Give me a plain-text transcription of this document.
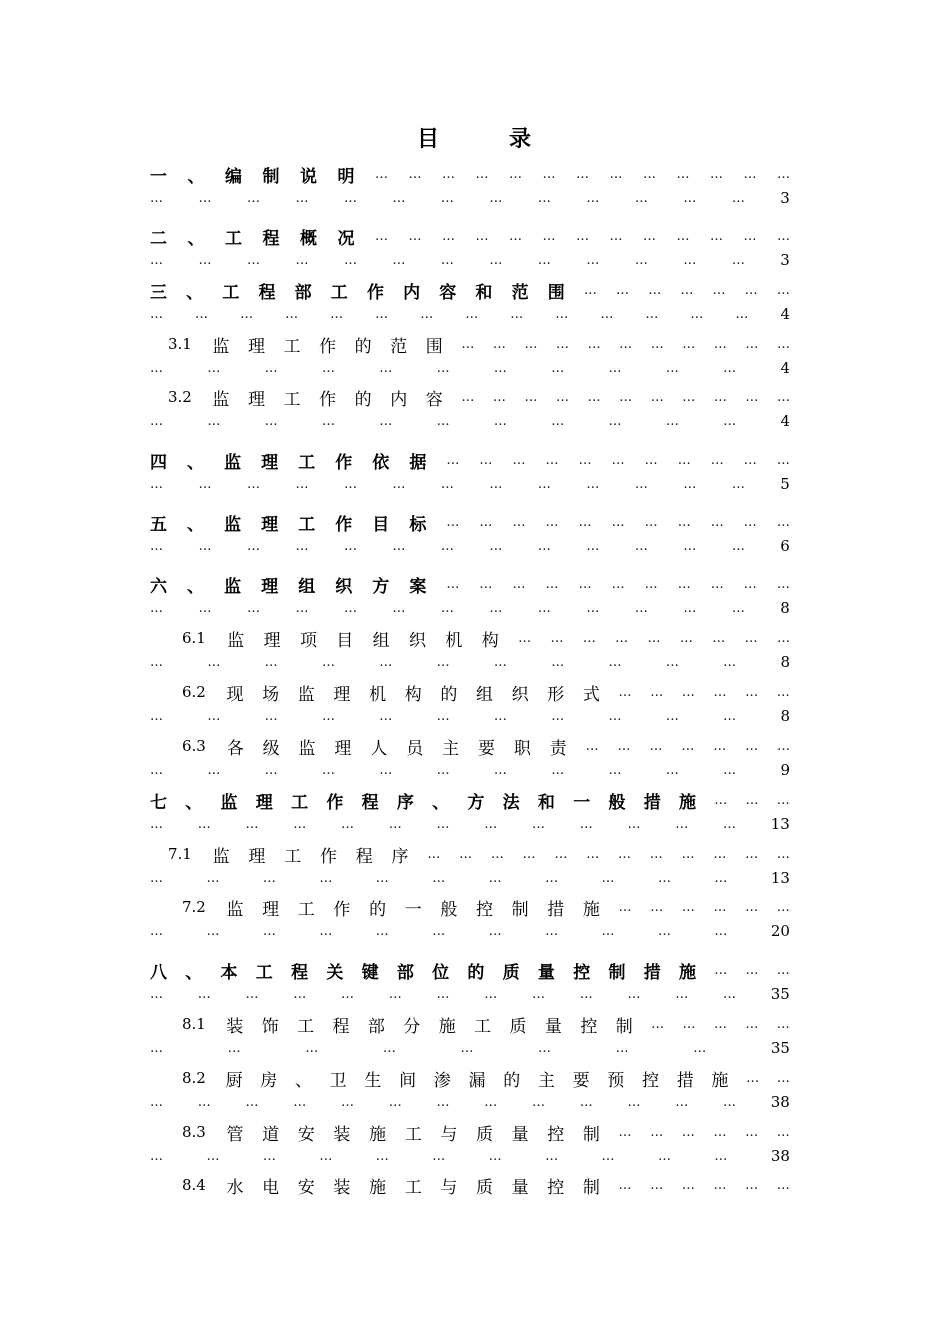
目	录
一 、 编 制 说 明 … … … … … … … … … … … … …
…	…	…	…	…	…	…	…	…	…	…	…	… 3
二 、 工 程 概 况 … … … … … … … … … … … … …
…	…	…	…	…	…	…	…	…	…	…	…	… 3
三 、 工 程 部 工 作 内 容 和 范 围 … … … … … … …
… … … … … … … … … … … … … … 4
3.1 监 理 工 作 的 范 围 … … … … … … … … … … …
…	…	…	…	…	…	…	…	…	…	…	4
3.2 监 理 工 作 的 内 容 … … … … … … … … … … …
…	…	…	…	…	…	…	…	…	…	…	4
四 、 监 理 工 作 依 据 … … … … … … … … … … …
…	…	…	…	…	…	…	…	…	…	…	…	… 5
五 、 监 理 工 作 目 标 … … … … … … … … … … …
…	…	…	…	…	…	…	…	…	…	…	…	… 6
六 、 监 理 组 织 方 案 … … … … … … … … … … …
…	…	…	…	…	…	…	…	…	…	…	…	… 8
6.1 监 理 项 目 组 织 机 构 … … … … … … … … …
…	…	…	…	…	…	…	…	…	…	…	8
6.2 现 场 监 理 机 构 的 组 织 形 式 … … … … … …
…	…	…	…	…	…	…	…	…	…	…	8
6.3 各 级 监 理 人 员 主 要 职 责 … … … … … … …
…	…	…	…	…	…	…	…	…	…	…	9
七 、 监 理 工 作 程 序 、 方 法 和 一 般 措 施 … … …
…	…	…	…	…	…	…	…	…	…	…	…	… 13
7.1 监 理 工 作 程 序 … … … … … … … … … … … …
…	…	…	…	…	…	…	…	…	…	…	13
7.2 监 理 工 作 的 一 般 控 制 措 施 … … … … … …
…	…	…	…	…	…	…	…	…	…	…	20
八 、 本 工 程 关 键 部 位 的 质 量 控 制 措 施 … … …
…	…	…	…	…	…	…	…	…	…	…	…	… 35
8.1 装 饰 工 程 部 分 施 工 质 量 控 制 … … … … …
…	…	…	…	…	…	…	…	35
8.2 厨 房 、 卫 生 间 渗 漏 的 主 要 预 控 措 施 … …
…	…	…	…	…	…	…	…	…	…	…	…	… 38
8.3 管 道 安 装 施 工 与 质 量 控 制 … … … … … …
…	…	…	…	…	…	…	…	…	…	…	38
8.4 水 电 安 装 施 工 与 质 量 控 制 … … … … … …
